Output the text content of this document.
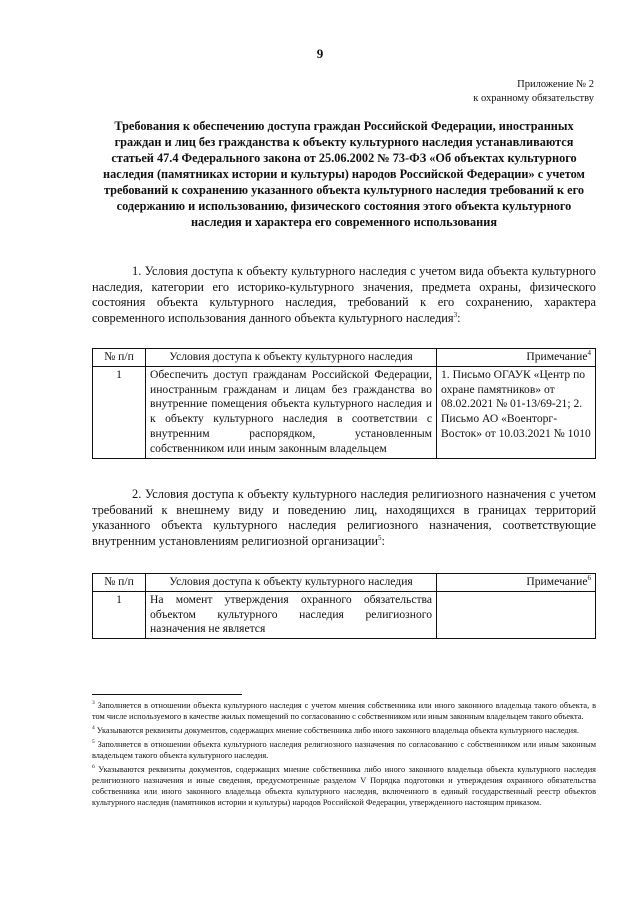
9
Приложение № 2
к охранному обязательству
Требования к обеспечению доступа граждан Российской Федерации, иностранных граждан и лиц без гражданства к объекту культурного наследия устанавливаются статьей 47.4 Федерального закона от 25.06.2002 № 73-ФЗ «Об объектах культурного наследия (памятниках истории и культуры) народов Российской Федерации» с учетом требований к сохранению указанного объекта культурного наследия требований к его содержанию и использованию, физического состояния этого объекта культурного наследия и характера его современного использования

1. Условия доступа к объекту культурного наследия с учетом вида объекта культурного наследия, категории его историко-культурного значения, предмета охраны, физического состояния объекта культурного наследия, требований к его сохранению, характера современного использования данного объекта культурного наследия$^3$:

№ п/п	Условия доступа к объекту культурного наследия	Примечание$^4$
1	Обеспечить доступ гражданам Российской Федерации, иностранным гражданам и лицам без гражданства во внутренние помещения объекта культурного наследия и к объекту культурного наследия в соответствии с внутренним распорядком, установленным собственником или иным законным владельцем	1. Письмо ОГАУК «Центр по охране памятников» от 08.02.2021 № 01-13/69-21; 2. Письмо АО «Военторг-Восток» от 10.03.2021 № 1010

2. Условия доступа к объекту культурного наследия религиозного назначения с учетом требований к внешнему виду и поведению лиц, находящихся в границах территорий указанного объекта культурного наследия религиозного назначения, соответствующие внутренним установлениям религиозной организации$^5$:

№ п/п	Условия доступа к объекту культурного наследия	Примечание$^6$
1	На момент утверждения охранного обязательства объектом культурного наследия религиозного назначения не является	
$^3$ Заполняется в отношении объекта культурного наследия с учетом мнения собственника или иного законного владельца такого объекта, в том числе используемого в качестве жилых помещений по согласованию с собственником или иным законным владельцем такого объекта.
$^4$ Указываются реквизиты документов, содержащих мнение собственника либо иного законного владельца объекта культурного наследия.
$^5$ Заполняется в отношении объекта культурного наследия религиозного назначения по согласованию с собственником или иным законным владельцем такого объекта культурного наследия.
$^6$ Указываются реквизиты документов, содержащих мнение собственника либо иного законного владельца объекта культурного наследия религиозного назначения и иные сведения, предусмотренные разделом V Порядка подготовки и утверждения охранного обязательства собственника или иного законного владельца объекта культурного наследия, включенного в единый государственный реестр объектов культурного наследия (памятников истории и культуры) народов Российской Федерации, утвержденного настоящим приказом.
